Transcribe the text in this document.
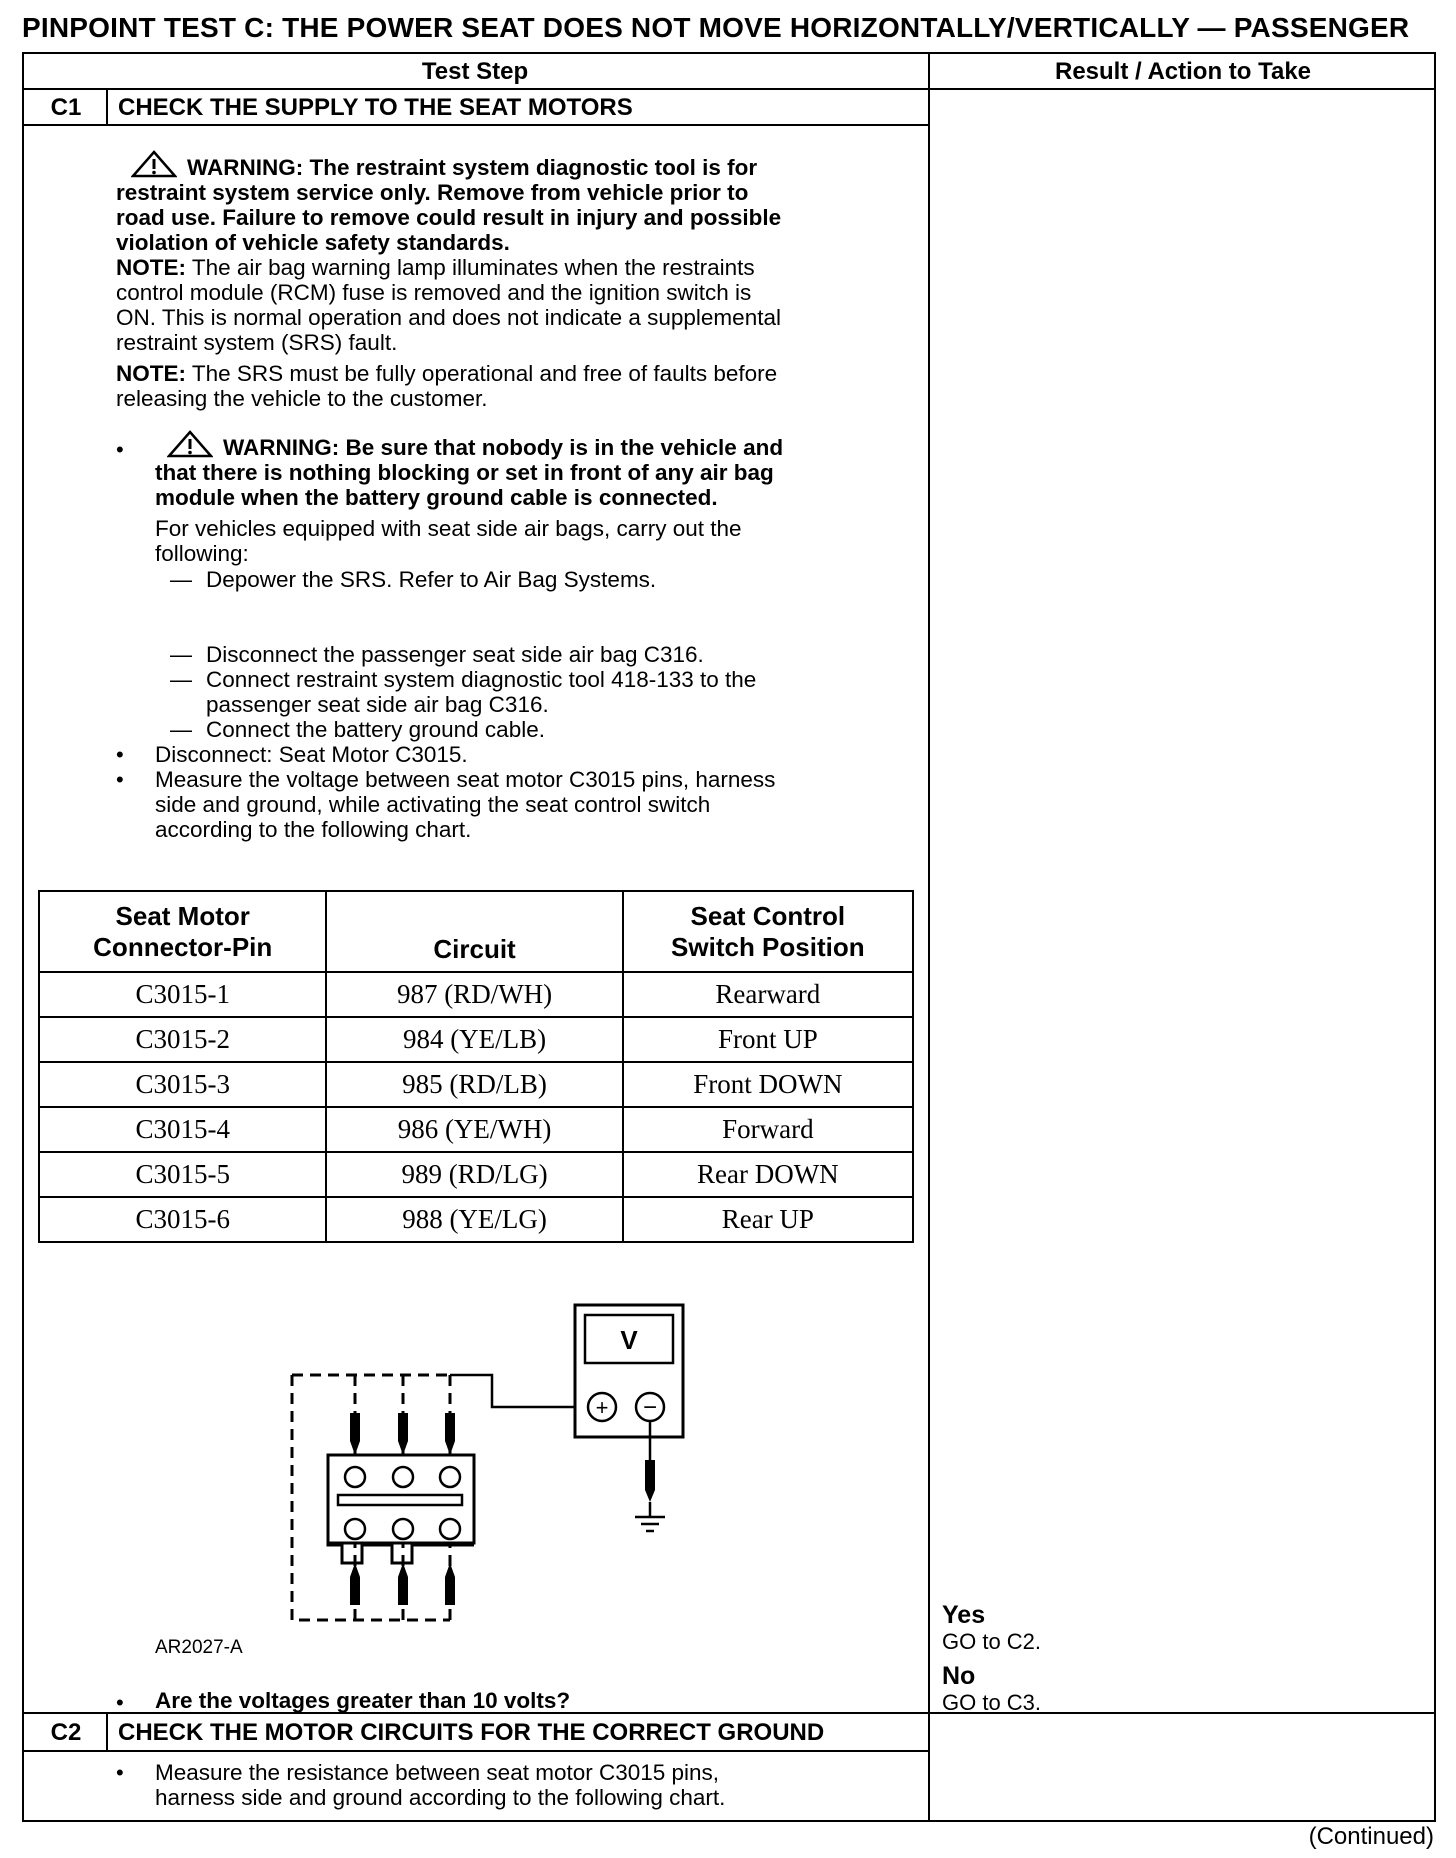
PINPOINT TEST C: THE POWER SEAT DOES NOT MOVE HORIZONTALLY/VERTICALLY — PASSENGER
Test Step	Result / Action to Take
C1	CHECK THE SUPPLY TO THE SEAT MOTORS
WARNING: The restraint system diagnostic tool is for
restraint system service only. Remove from vehicle prior to
road use. Failure to remove could result in injury and possible
violation of vehicle safety standards.
NOTE: The air bag warning lamp illuminates when the restraints
control module (RCM) fuse is removed and the ignition switch is
ON. This is normal operation and does not indicate a supplemental
restraint system (SRS) fault.
NOTE: The SRS must be fully operational and free of faults before
releasing the vehicle to the customer.
•	WARNING: Be sure that nobody is in the vehicle and
that there is nothing blocking or set in front of any air bag
module when the battery ground cable is connected.
For vehicles equipped with seat side air bags, carry out the
following:
— Depower the SRS. Refer to Air Bag Systems.
— Disconnect the passenger seat side air bag C316.
— Connect restraint system diagnostic tool 418-133 to the
passenger seat side air bag C316.
— Connect the battery ground cable.
• Disconnect: Seat Motor C3015.
• Measure the voltage between seat motor C3015 pins, harness
side and ground, while activating the seat control switch
according to the following chart.
Seat Motor
Connector-Pin	Circuit	Seat Control
Switch Position
C3015-1	987 (RD/WH)	Rearward
C3015-2	984 (YE/LB)	Front UP
C3015-3	985 (RD/LB)	Front DOWN
C3015-4	986 (YE/WH)	Forward
C3015-5	989 (RD/LG)	Rear DOWN
C3015-6	988 (YE/LG)	Rear UP
V
+ −
AR2027-A
• Are the voltages greater than 10 volts?
Yes
GO to C2.
No
GO to C3.
C2	CHECK THE MOTOR CIRCUITS FOR THE CORRECT GROUND
• Measure the resistance between seat motor C3015 pins,
harness side and ground according to the following chart.
(Continued)
